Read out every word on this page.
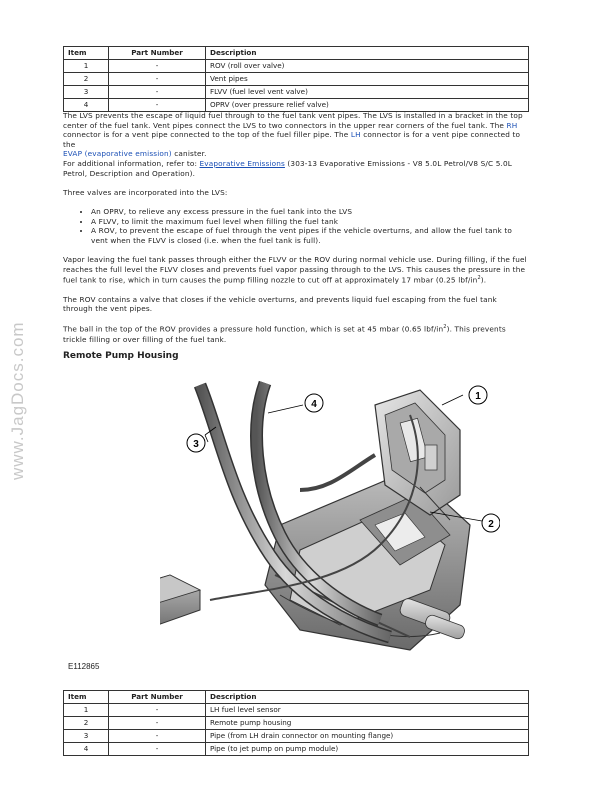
www.JagDocs.com
Item	Part Number	Description
1	-	ROV (roll over valve)
2	-	Vent pipes
3	-	FLVV (fuel level vent valve)
4	-	OPRV (over pressure relief valve)

The LVS prevents the escape of liquid fuel through to the fuel tank vent pipes. The LVS is installed in a bracket in the top center of the fuel tank. Vent pipes connect the LVS to two connectors in the upper rear corners of the fuel tank. The RH connector is for a vent pipe connected to the top of the fuel filler pipe. The LH connector is for a vent pipe connected to the
EVAP (evaporative emission) canister.
For additional information, refer to: Evaporative Emissions (303-13 Evaporative Emissions - V8 5.0L Petrol/V8 S/C 5.0L Petrol, Description and Operation).

Three valves are incorporated into the LVS:

• An OPRV, to relieve any excess pressure in the fuel tank into the LVS
• A FLVV, to limit the maximum fuel level when filling the fuel tank
• A ROV, to prevent the escape of fuel through the vent pipes if the vehicle overturns, and allow the fuel tank to vent when the FLVV is closed (i.e. when the fuel tank is full).

Vapor leaving the fuel tank passes through either the FLVV or the ROV during normal vehicle use. During filling, if the fuel reaches the full level the FLVV closes and prevents fuel vapor passing through to the LVS. This causes the pressure in the fuel tank to rise, which in turn causes the pump filling nozzle to cut off at approximately 17 mbar (0.25 lbf/$in^2$).

The ROV contains a valve that closes if the vehicle overturns, and prevents liquid fuel escaping from the fuel tank through the vent pipes.

The ball in the top of the ROV provides a pressure hold function, which is set at 45 mbar (0.65 lbf/$in^2$). This prevents trickle filling or over filling of the fuel tank.

Remote Pump Housing
1
2
3
4
E112865
Item	Part Number	Description
1	-	LH fuel level sensor
2	-	Remote pump housing
3	-	Pipe (from LH drain connector on mounting flange)
4	-	Pipe (to jet pump on pump module)
